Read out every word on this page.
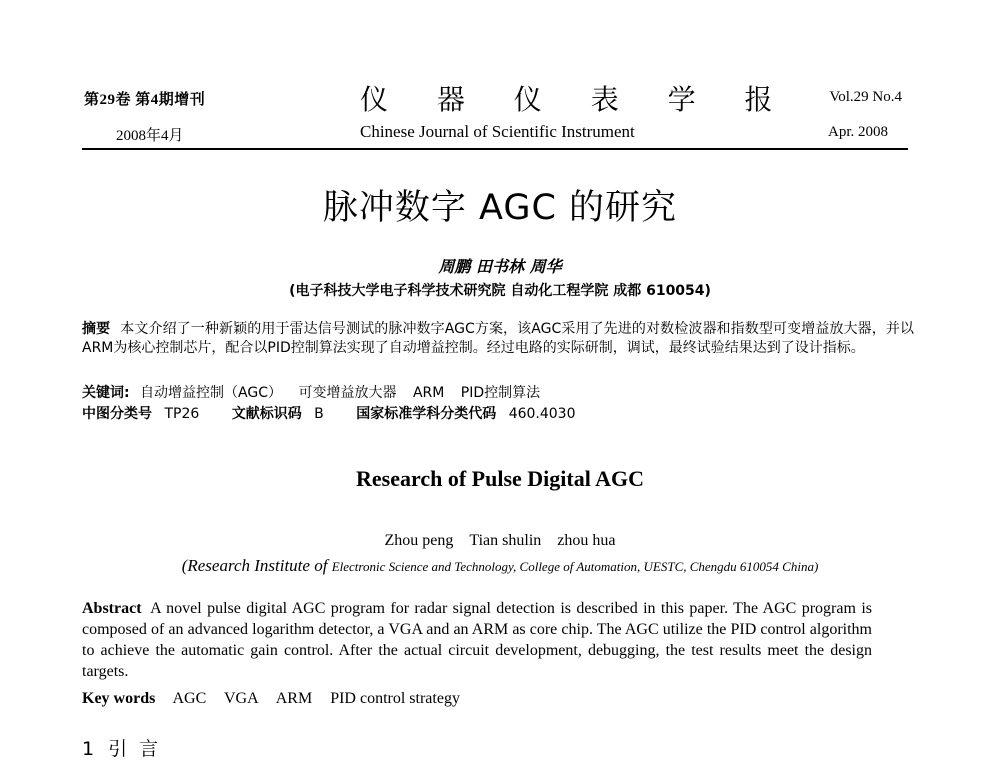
第29卷 第4期增刊	仪 器 仪 表 学 报 Vol.29 No.4
2008年4月	Chinese Journal of Scientific Instrument	Apr. 2008
脉冲数字 AGC 的研究
周鹏 田书林 周华
(电子科技大学电子科学技术研究院 自动化工程学院 成都 610054)
摘要 本文介绍了一种新颖的用于雷达信号测试的脉冲数字AGC方案，该AGC采用了先进的对数检波器和指数型可变增益放大器，并以ARM为核心控制芯片，配合以PID控制算法实现了自动增益控制。经过电路的实际研制，调试，最终试验结果达到了设计指标。
关键词: 自动增益控制（AGC） 可变增益放大器 ARM PID控制算法
中图分类号 TP26 文献标识码 B 国家标准学科分类代码 460.4030
Research of Pulse Digital AGC
Zhou peng Tian shulin zhou hua
(Research Institute of Electronic Science and Technology, College of Automation, UESTC, Chengdu 610054 China)
Abstract A novel pulse digital AGC program for radar signal detection is described in this paper. The AGC program is composed of an advanced logarithm detector, a VGA and an ARM as core chip. The AGC utilize the PID control algorithm to achieve the automatic gain control. After the actual circuit development, debugging, the test results meet the design targets.
Key words AGC VGA ARM PID control strategy
1 引言
